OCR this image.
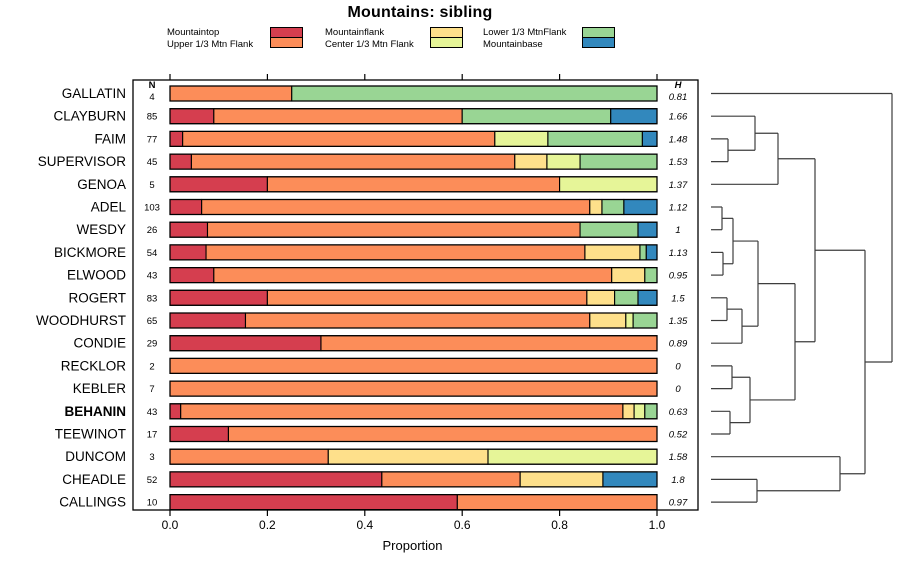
Mountains: sibling
Mountaintop
Upper 1/3 Mtn Flank
Mountainflank
Center 1/3 Mtn Flank
Lower 1/3 MtnFlank
Mountainbase
0.0	0.2	0.4	0.6	0.8	1.0
Proportion
N	H
GALLATIN 4	0.81
CLAYBURN 85	1.66
FAIM 77	1.48
SUPERVISOR 45	1.53
GENOA 5	1.37
ADEL 103	1.12
WESDY 26	1
BICKMORE 54	1.13
ELWOOD 43	0.95
ROGERT 83	1.5
WOODHURST 65	1.35
CONDIE 29	0.89
RECKLOR 2	0
KEBLER 7	0
BEHANIN 43	0.63
TEEWINOT 17	0.52
DUNCOM 3	1.58
CHEADLE 52	1.8
CALLINGS 10	0.97
